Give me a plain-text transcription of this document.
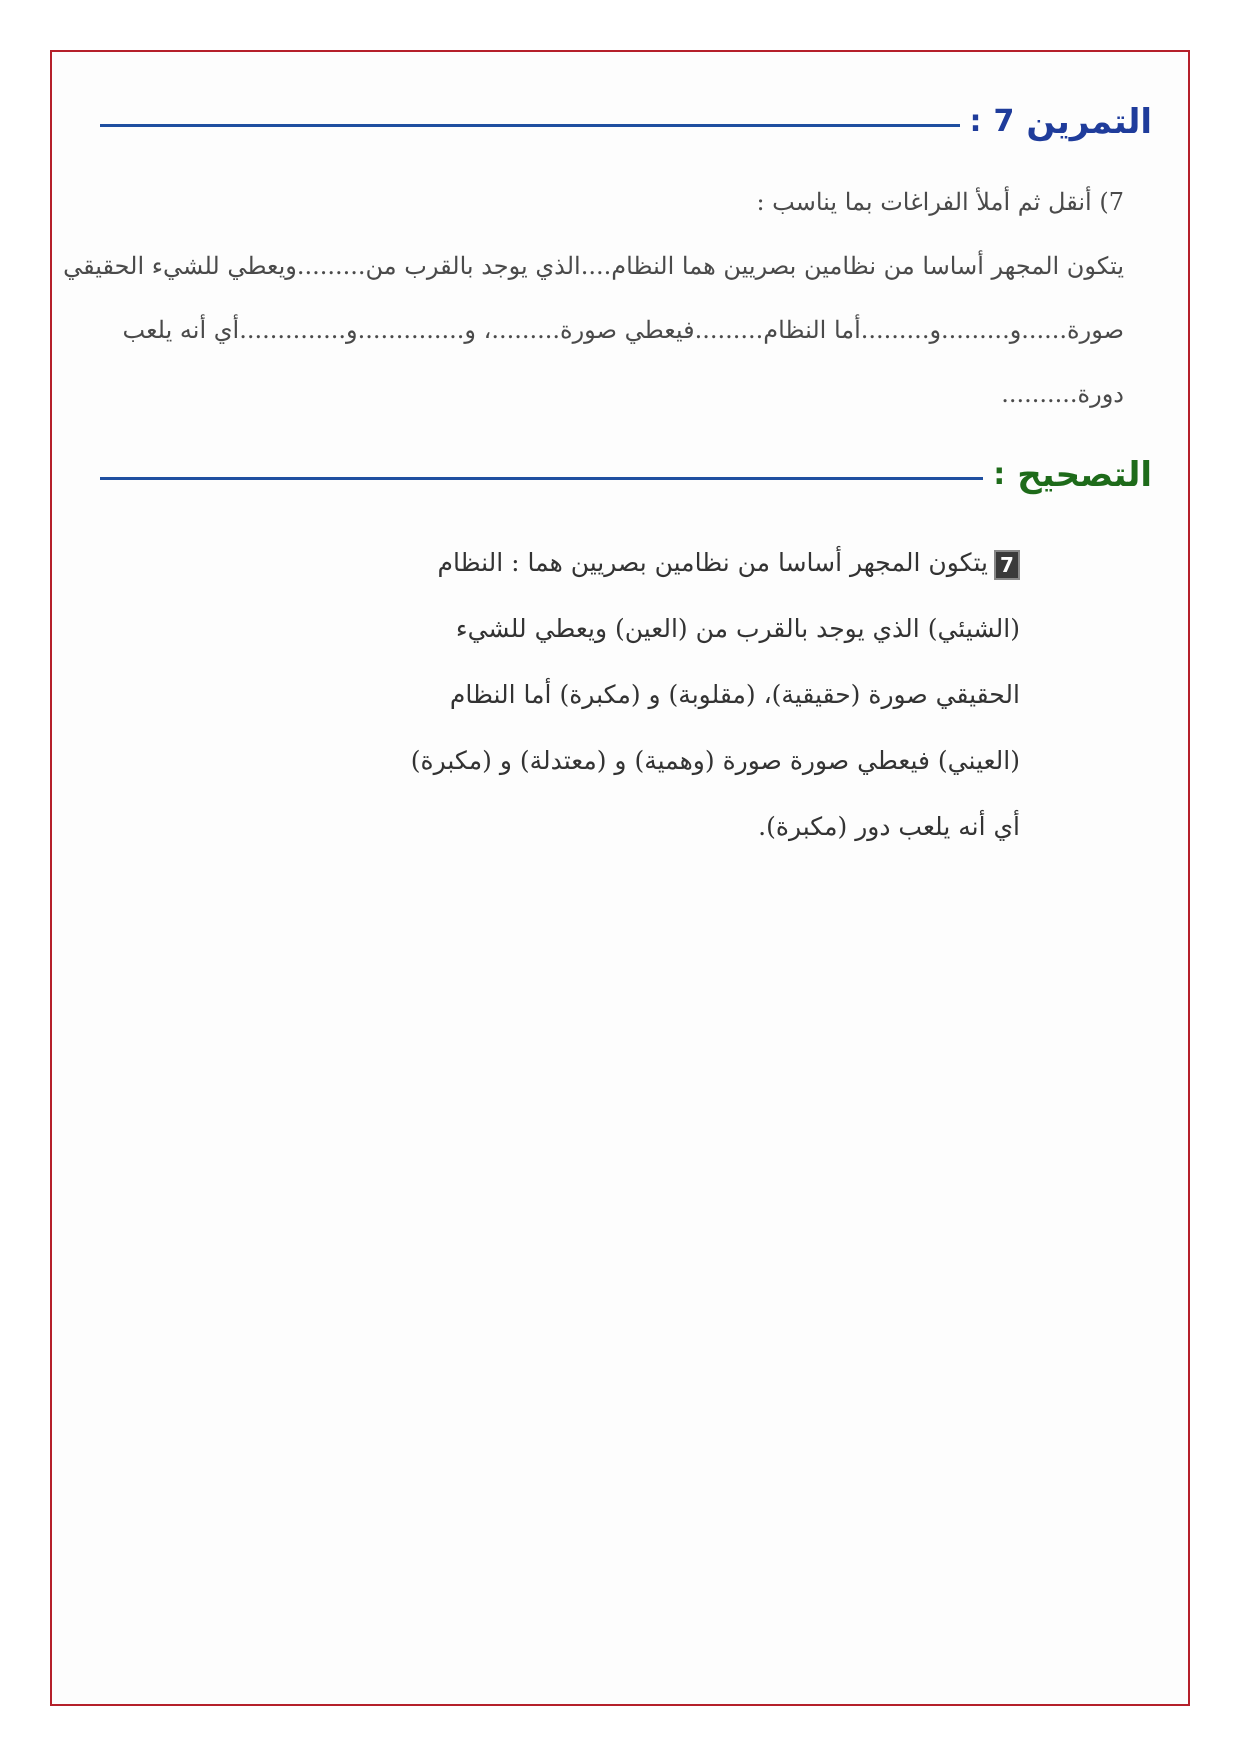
التمرين
7
:
7) أنقل ثم أملأ الفراغات بما يناسب :
يتكون المجهر أساسا من نظامين بصريين هما النظام....الذي يوجد بالقرب من.........ويعطي للشيء الحقيقي
صورة......و.........و.........أما النظام.........فيعطي صورة.........، و..............و..............أي أنه يلعب
دورة..........
التصحيح
:
7يتكون المجهر أساسا من نظامين بصريين هما : النظام
(الشيئي) الذي يوجد بالقرب من (العين) ويعطي للشيء
الحقيقي صورة (حقيقية)، (مقلوبة) و (مكبرة) أما النظام
(العيني) فيعطي صورة صورة (وهمية) و (معتدلة) و (مكبرة)
أي أنه يلعب دور (مكبرة).
